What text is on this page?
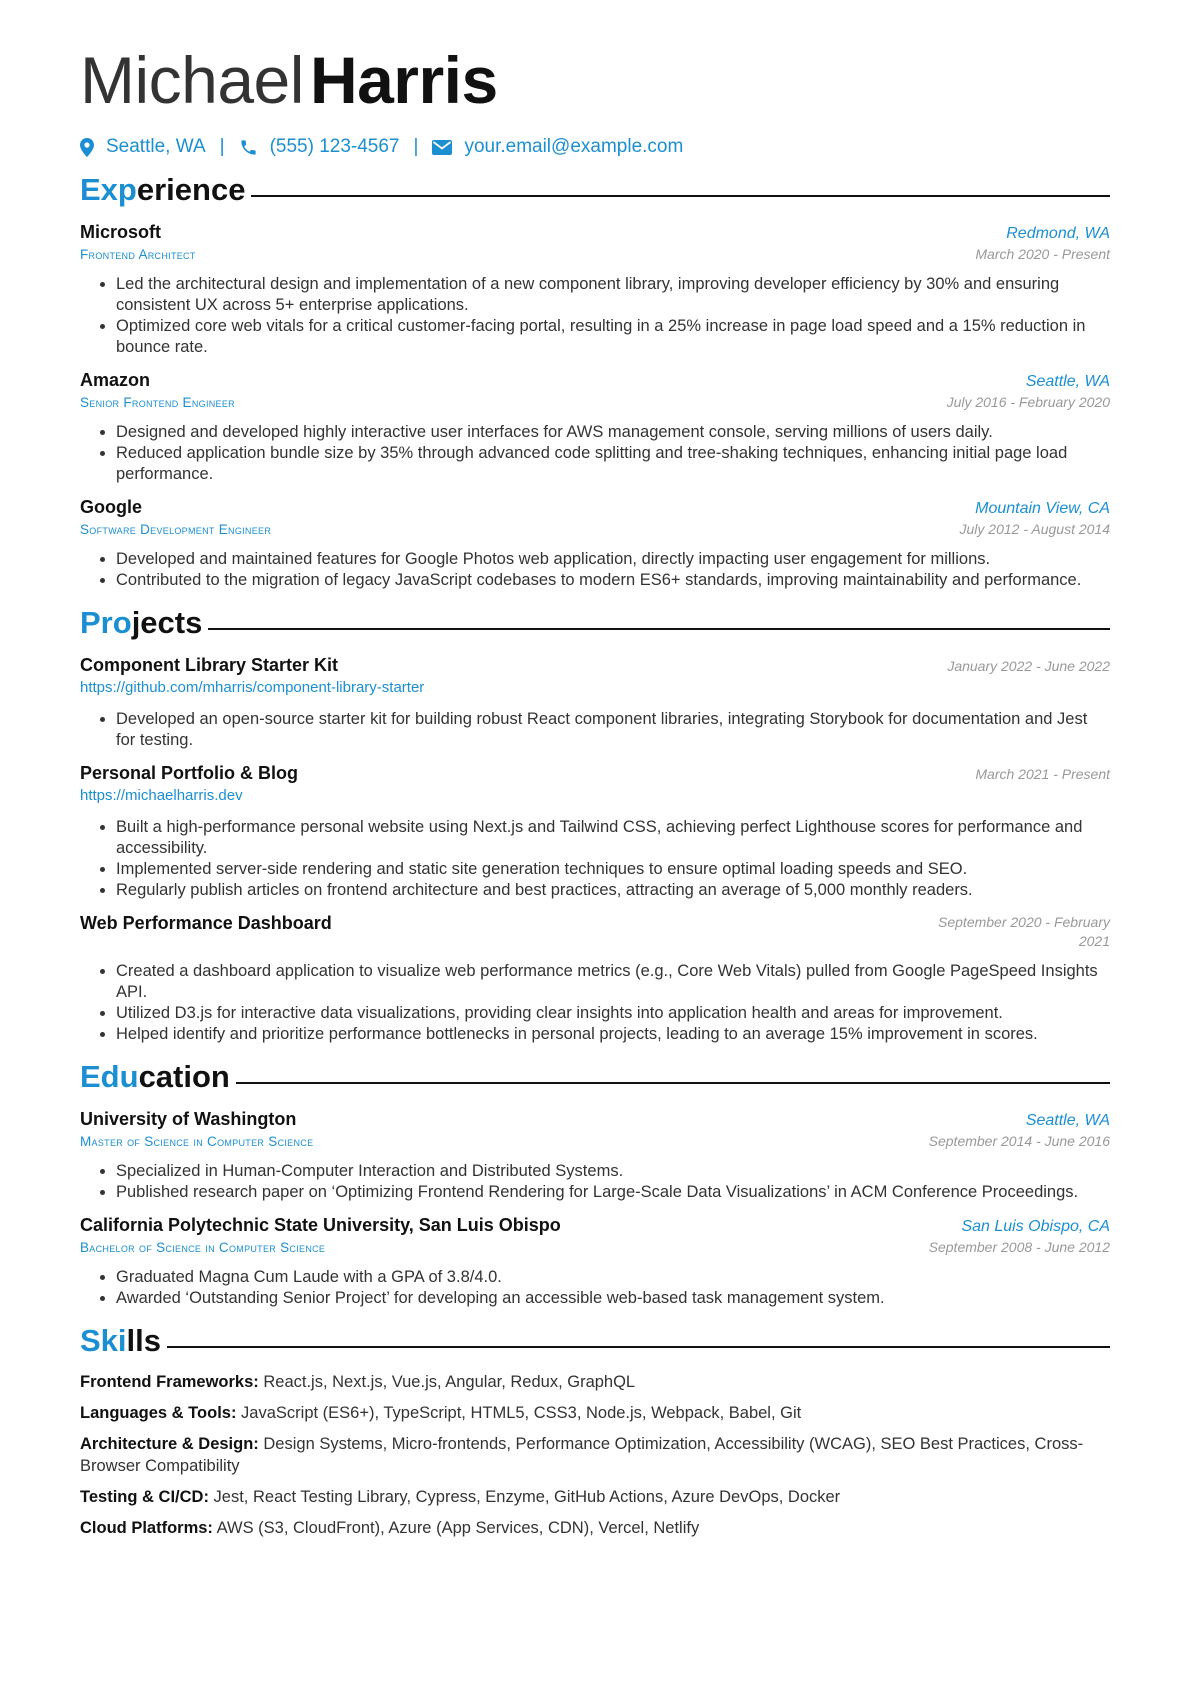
MichaelHarris
Seattle, WA | (555) 123-4567 | your.email@example.com
Experience
Microsoft	Redmond, WA
Frontend Architect	March 2020 - Present
• Led the architectural design and implementation of a new component library, improving developer efficiency by 30% and ensuring consistent UX across 5+ enterprise applications.
• Optimized core web vitals for a critical customer-facing portal, resulting in a 25% increase in page load speed and a 15% reduction in bounce rate.
Amazon	Seattle, WA
Senior Frontend Engineer	July 2016 - February 2020
• Designed and developed highly interactive user interfaces for AWS management console, serving millions of users daily.
• Reduced application bundle size by 35% through advanced code splitting and tree-shaking techniques, enhancing initial page load performance.
Google	Mountain View, CA
Software Development Engineer	July 2012 - August 2014
• Developed and maintained features for Google Photos web application, directly impacting user engagement for millions.
• Contributed to the migration of legacy JavaScript codebases to modern ES6+ standards, improving maintainability and performance.
Projects
Component Library Starter Kit	January 2022 - June 2022
https://github.com/mharris/component-library-starter
• Developed an open-source starter kit for building robust React component libraries, integrating Storybook for documentation and Jest for testing.
Personal Portfolio & Blog	March 2021 - Present
https://michaelharris.dev
• Built a high-performance personal website using Next.js and Tailwind CSS, achieving perfect Lighthouse scores for performance and accessibility.
• Implemented server-side rendering and static site generation techniques to ensure optimal loading speeds and SEO.
• Regularly publish articles on frontend architecture and best practices, attracting an average of 5,000 monthly readers.
Web Performance Dashboard	September 2020 - February 2021
• Created a dashboard application to visualize web performance metrics (e.g., Core Web Vitals) pulled from Google PageSpeed Insights API.
• Utilized D3.js for interactive data visualizations, providing clear insights into application health and areas for improvement.
• Helped identify and prioritize performance bottlenecks in personal projects, leading to an average 15% improvement in scores.
Education
University of Washington	Seattle, WA
Master of Science in Computer Science	September 2014 - June 2016
• Specialized in Human-Computer Interaction and Distributed Systems.
• Published research paper on ‘Optimizing Frontend Rendering for Large-Scale Data Visualizations’ in ACM Conference Proceedings.
California Polytechnic State University, San Luis Obispo	San Luis Obispo, CA
Bachelor of Science in Computer Science	September 2008 - June 2012
• Graduated Magna Cum Laude with a GPA of 3.8/4.0.
• Awarded ‘Outstanding Senior Project’ for developing an accessible web-based task management system.
Skills
Frontend Frameworks: React.js, Next.js, Vue.js, Angular, Redux, GraphQL
Languages & Tools: JavaScript (ES6+), TypeScript, HTML5, CSS3, Node.js, Webpack, Babel, Git
Architecture & Design: Design Systems, Micro-frontends, Performance Optimization, Accessibility (WCAG), SEO Best Practices, Cross-Browser Compatibility
Testing & CI/CD: Jest, React Testing Library, Cypress, Enzyme, GitHub Actions, Azure DevOps, Docker
Cloud Platforms: AWS (S3, CloudFront), Azure (App Services, CDN), Vercel, Netlify
